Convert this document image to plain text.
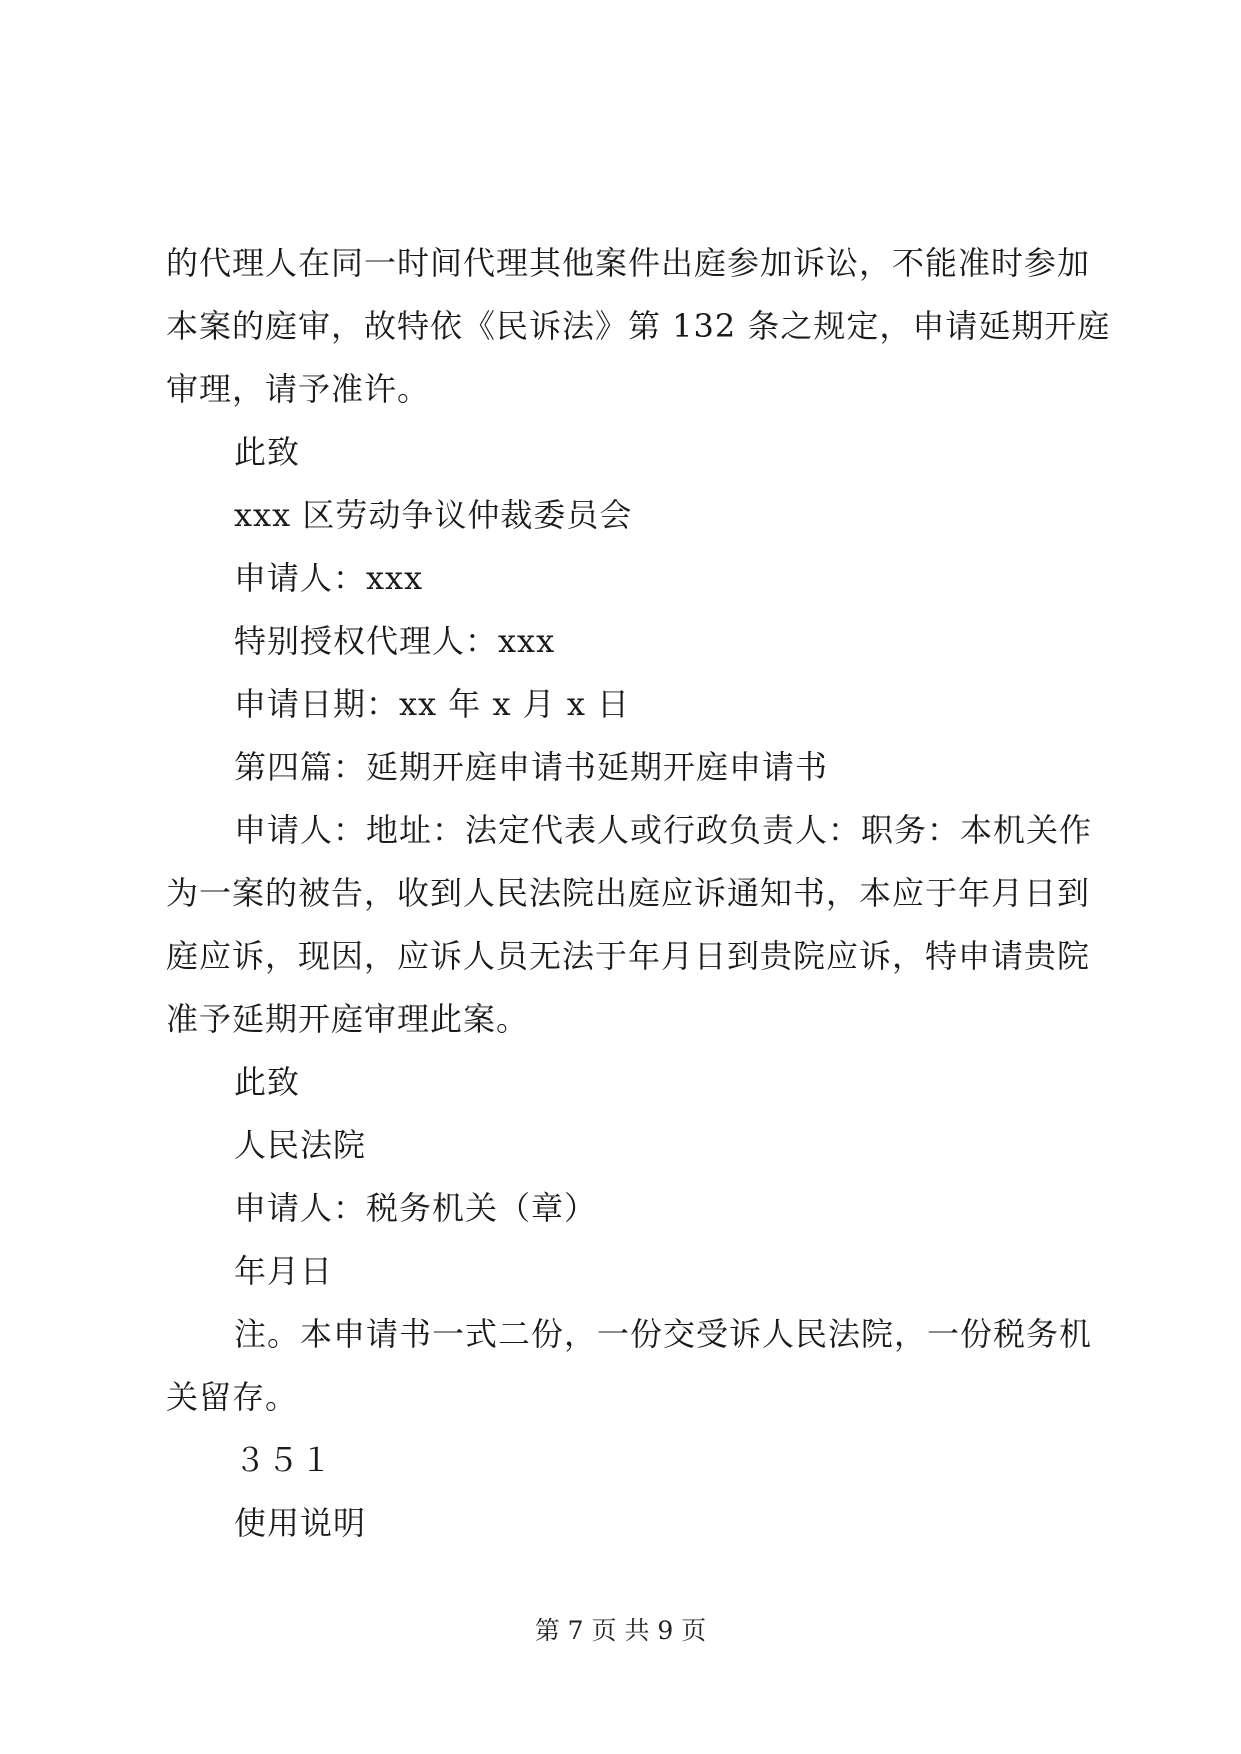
的代理人在同一时间代理其他案件出庭参加诉讼，不能准时参加

本案的庭审，故特依《民诉法》第 132 条之规定，申请延期开庭

审理，请予准许。

此致

xxx 区劳动争议仲裁委员会

申请人：xxx

特别授权代理人：xxx

申请日期：xx 年 x 月 x 日

第四篇：延期开庭申请书延期开庭申请书

申请人：地址：法定代表人或行政负责人：职务：本机关作

为一案的被告，收到人民法院出庭应诉通知书，本应于年月日到

庭应诉，现因，应诉人员无法于年月日到贵院应诉，特申请贵院

准予延期开庭审理此案。

此致

人民法院

申请人：税务机关（章）

年月日

注。本申请书一式二份，一份交受诉人民法院，一份税务机

关留存。

３５１

使用说明

第 7 页 共 9 页
